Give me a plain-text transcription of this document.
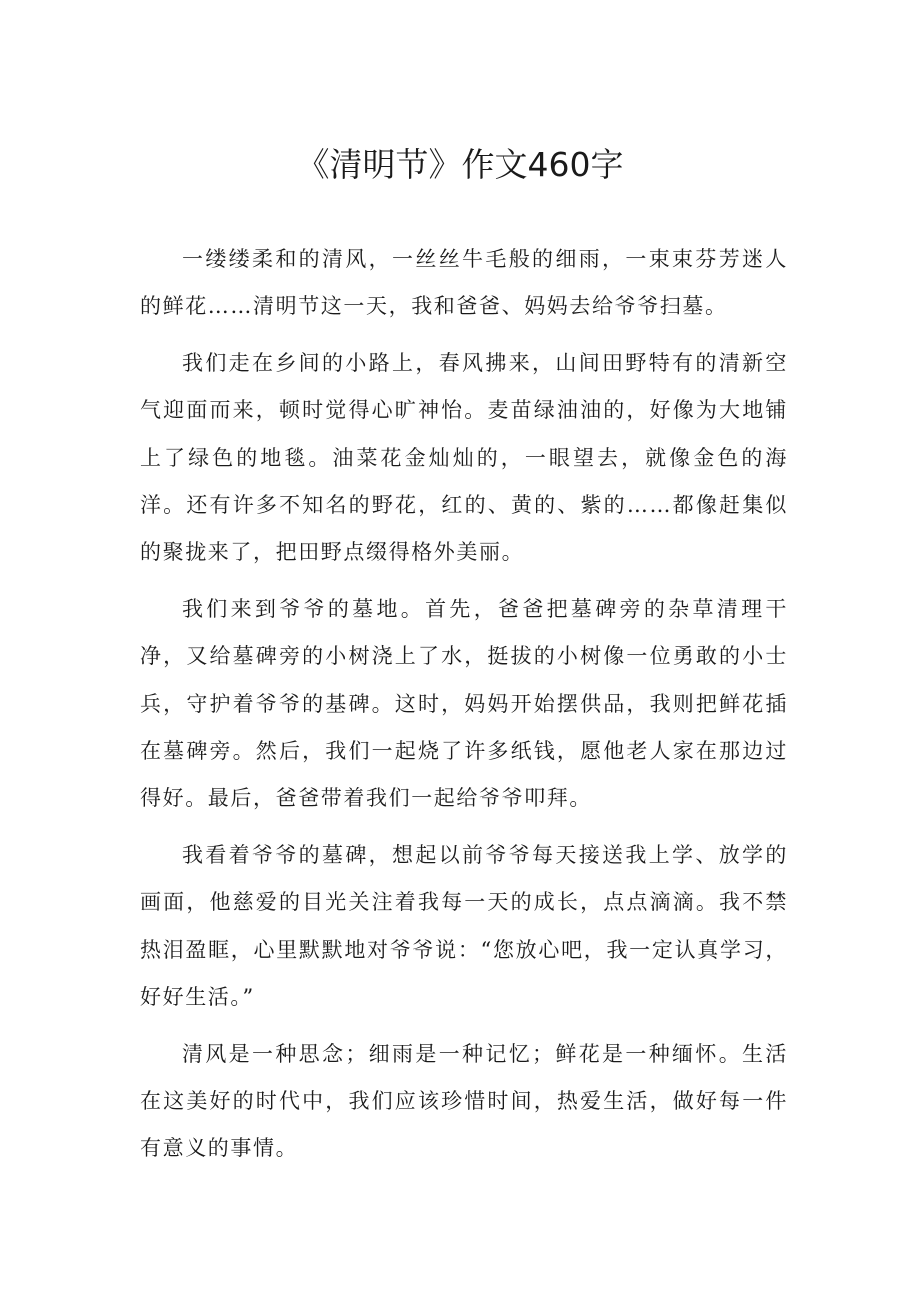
《清明节》作文460字

一缕缕柔和的清风，一丝丝牛毛般的细雨，一束束芬芳迷人的鲜花……清明节这一天，我和爸爸、妈妈去给爷爷扫墓。

我们走在乡间的小路上，春风拂来，山间田野特有的清新空气迎面而来，顿时觉得心旷神怡。麦苗绿油油的，好像为大地铺上了绿色的地毯。油菜花金灿灿的，一眼望去，就像金色的海洋。还有许多不知名的野花，红的、黄的、紫的……都像赶集似的聚拢来了，把田野点缀得格外美丽。

我们来到爷爷的墓地。首先，爸爸把墓碑旁的杂草清理干净，又给墓碑旁的小树浇上了水，挺拔的小树像一位勇敢的小士兵，守护着爷爷的基碑。这时，妈妈开始摆供品，我则把鲜花插在墓碑旁。然后，我们一起烧了许多纸钱，愿他老人家在那边过得好。最后，爸爸带着我们一起给爷爷叩拜。

我看着爷爷的墓碑，想起以前爷爷每天接送我上学、放学的画面，他慈爱的目光关注着我每一天的成长，点点滴滴。我不禁热泪盈眶，心里默默地对爷爷说：“您放心吧，我一定认真学习，好好生活。”

清风是一种思念；细雨是一种记忆；鲜花是一种缅怀。生活在这美好的时代中，我们应该珍惜时间，热爱生活，做好每一件有意义的事情。
